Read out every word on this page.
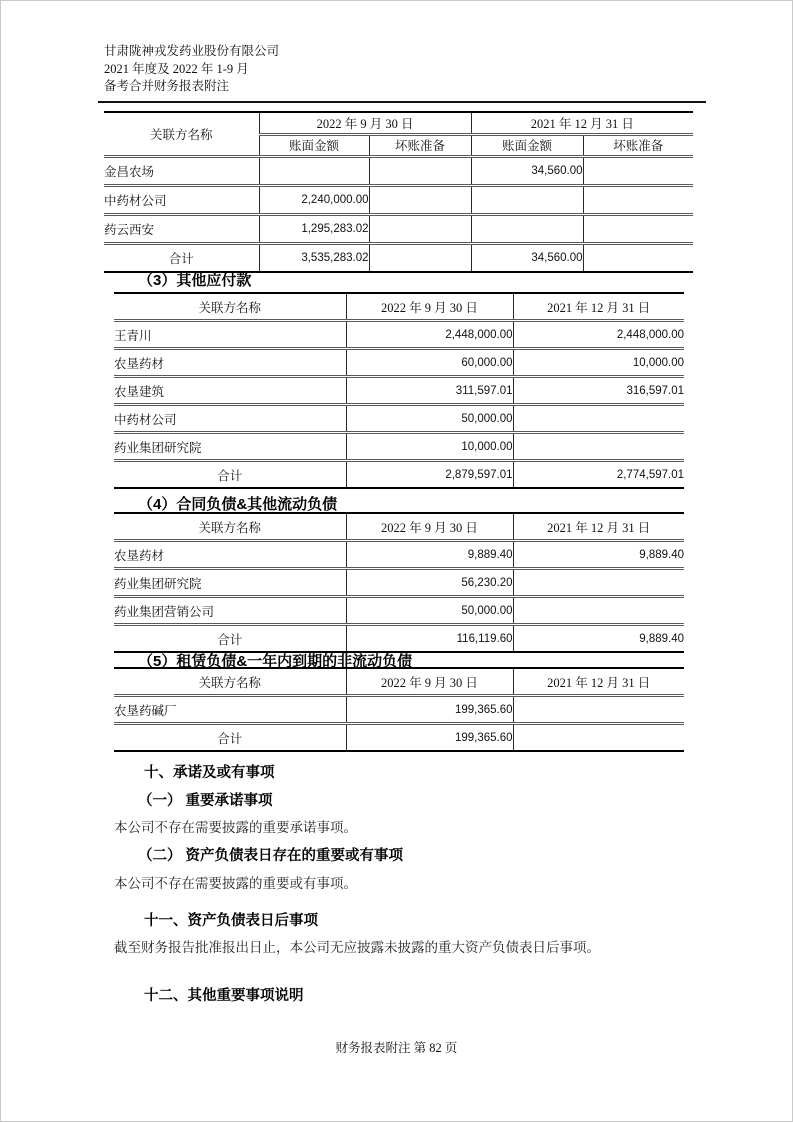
甘肃陇神戎发药业股份有限公司
2021 年度及 2022 年 1-9 月
备考合并财务报表附注
关联方名称	2022 年 9 月 30 日		2021 年 12 月 31 日	
	账面金额	坏账准备	账面金额	坏账准备
金昌农场			34,560.00	
中药材公司	2,240,000.00			
药云西安	1,295,283.02			
合计	3,535,283.02		34,560.00	
（3）其他应付款
关联方名称	2022 年 9 月 30 日	2021 年 12 月 31 日
王青川	2,448,000.00	2,448,000.00
农垦药材	60,000.00	10,000.00
农垦建筑	311,597.01	316,597.01
中药材公司	50,000.00	
药业集团研究院	10,000.00	
合计	2,879,597.01	2,774,597.01
（4）合同负债&其他流动负债
关联方名称	2022 年 9 月 30 日	2021 年 12 月 31 日
农垦药材	9,889.40	9,889.40
药业集团研究院	56,230.20	
药业集团营销公司	50,000.00	
合计	116,119.60	9,889.40
（5）租赁负债&一年内到期的非流动负债
关联方名称	2022 年 9 月 30 日	2021 年 12 月 31 日
农垦药碱厂	199,365.60	
合计	199,365.60	
十、承诺及或有事项
（一） 重要承诺事项
本公司不存在需要披露的重要承诺事项。
（二） 资产负债表日存在的重要或有事项
本公司不存在需要披露的重要或有事项。
十一、资产负债表日后事项
截至财务报告批准报出日止，本公司无应披露未披露的重大资产负债表日后事项。
十二、其他重要事项说明
财务报表附注 第 82 页
